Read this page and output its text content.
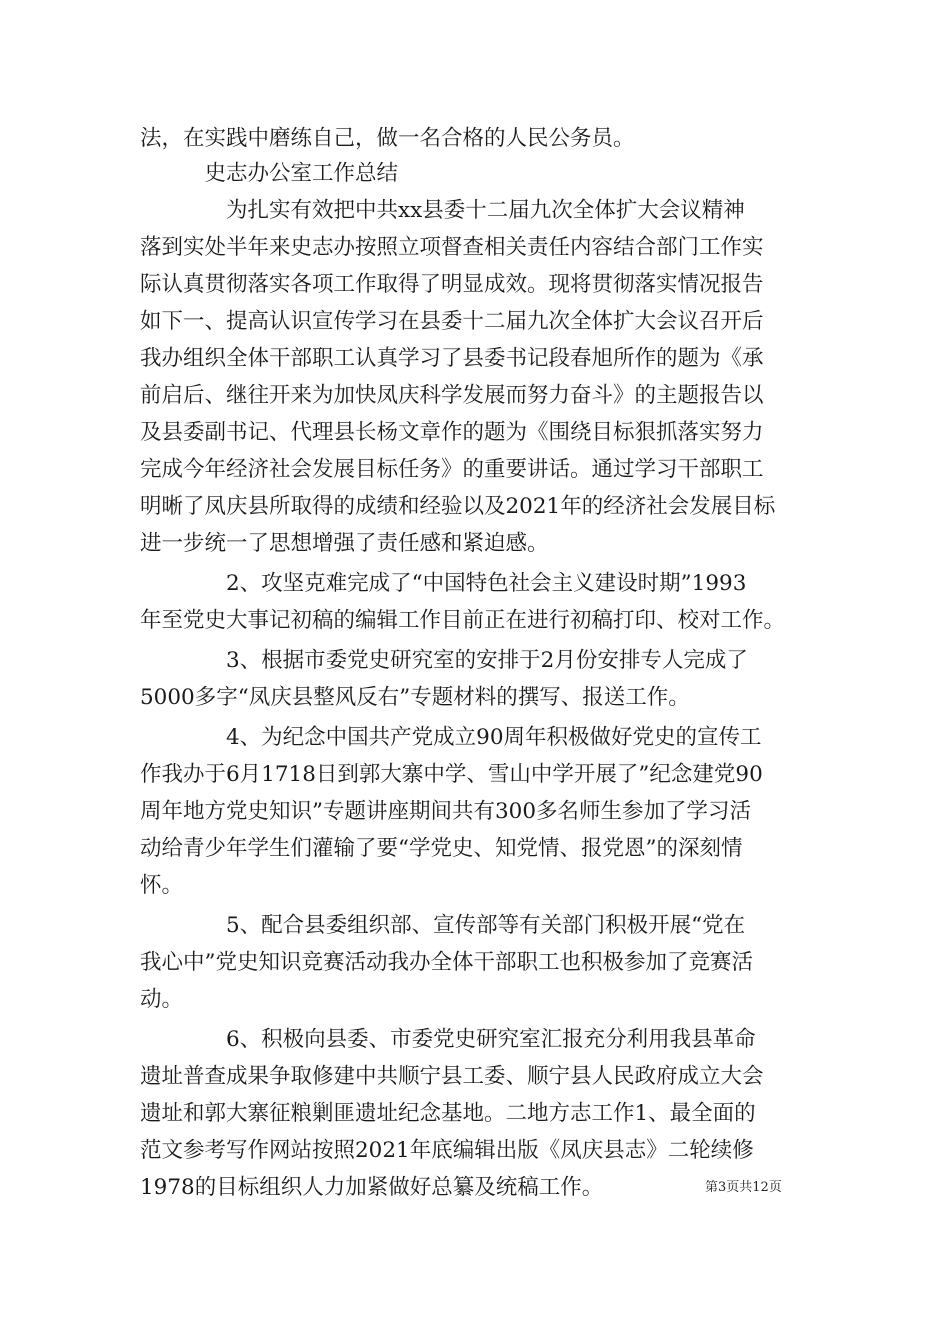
法，在实践中磨练自己，做一名合格的人民公务员。
　　　史志办公室工作总结
　　　　为扎实有效把中共xx县委十二届九次全体扩大会议精神
落到实处半年来史志办按照立项督查相关责任内容结合部门工作实
际认真贯彻落实各项工作取得了明显成效。现将贯彻落实情况报告
如下一、提高认识宣传学习在县委十二届九次全体扩大会议召开后
我办组织全体干部职工认真学习了县委书记段春旭所作的题为《承
前启后、继往开来为加快凤庆科学发展而努力奋斗》的主题报告以
及县委副书记、代理县长杨文章作的题为《围绕目标狠抓落实努力
完成今年经济社会发展目标任务》的重要讲话。通过学习干部职工
明晰了凤庆县所取得的成绩和经验以及2021年的经济社会发展目标
进一步统一了思想增强了责任感和紧迫感。
　　　　2、攻坚克难完成了“中国特色社会主义建设时期”1993
年至党史大事记初稿的编辑工作目前正在进行初稿打印、校对工作。
　　　　3、根据市委党史研究室的安排于2月份安排专人完成了
5000多字“凤庆县整风反右”专题材料的撰写、报送工作。
　　　　4、为纪念中国共产党成立90周年积极做好党史的宣传工
作我办于6月1718日到郭大寨中学、雪山中学开展了”纪念建党90
周年地方党史知识”专题讲座期间共有300多名师生参加了学习活
动给青少年学生们灌输了要“学党史、知党情、报党恩”的深刻情
怀。
　　　　5、配合县委组织部、宣传部等有关部门积极开展“党在
我心中”党史知识竞赛活动我办全体干部职工也积极参加了竞赛活
动。
　　　　6、积极向县委、市委党史研究室汇报充分利用我县革命
遗址普查成果争取修建中共顺宁县工委、顺宁县人民政府成立大会
遗址和郭大寨征粮剿匪遗址纪念基地。二地方志工作1、最全面的
范文参考写作网站按照2021年底编辑出版《凤庆县志》二轮续修
1978的目标组织人力加紧做好总纂及统稿工作。	第3页共12页
